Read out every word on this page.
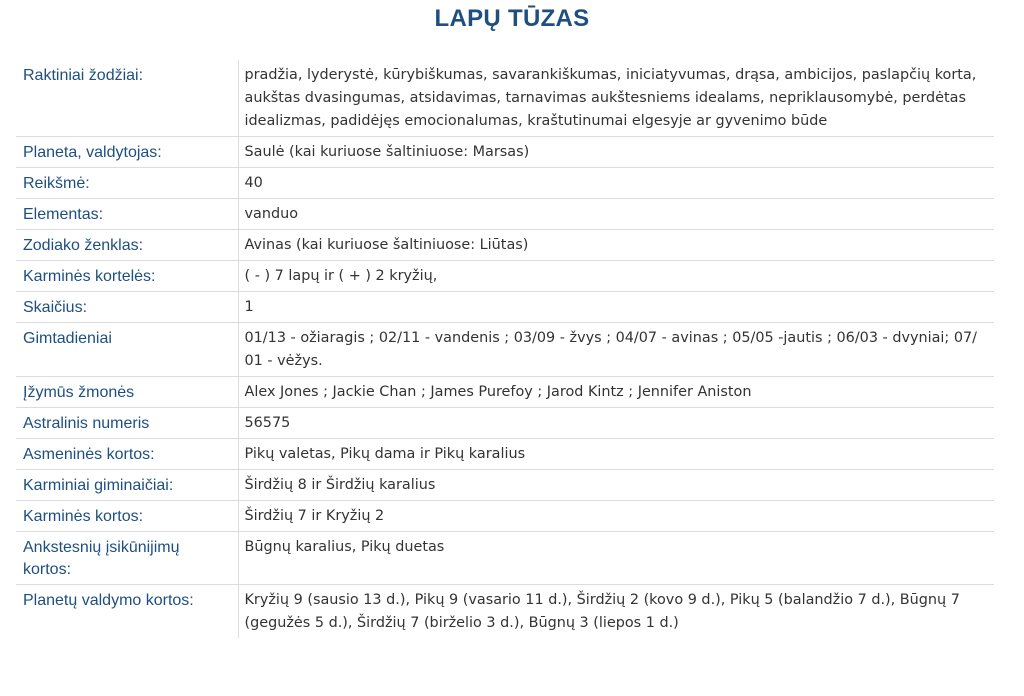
LAPŲ TŪZAS
Raktiniai žodžiai:	pradžia, lyderystė, kūrybiškumas, savarankiškumas, iniciatyvumas, drąsa, ambicijos, paslapčių korta, aukštas dvasingumas, atsidavimas, tarnavimas aukštesniems idealams, nepriklausomybė, perdėtas idealizmas, padidėjęs emocionalumas, kraštutinumai elgesyje ar gyvenimo būde
Planeta, valdytojas:	Saulė (kai kuriuose šaltiniuose: Marsas)
Reikšmė:	40
Elementas:	vanduo
Zodiako ženklas:	Avinas (kai kuriuose šaltiniuose: Liūtas)
Karminės kortelės:	( - ) 7 lapų ir ( + ) 2 kryžių,
Skaičius:	1
Gimtadieniai	01/13 - ožiaragis ; 02/11 - vandenis ; 03/09 - žvys ; 04/07 - avinas ; 05/05 -jautis ; 06/03 - dvyniai; 07/ 01 - vėžys.
Įžymūs žmonės	Alex Jones ; Jackie Chan ; James Purefoy ; Jarod Kintz ; Jennifer Aniston
Astralinis numeris	56575
Asmeninės kortos:	Pikų valetas, Pikų dama ir Pikų karalius
Karminiai giminaičiai:	Širdžių 8 ir Širdžių karalius
Karminės kortos:	Širdžių 7 ir Kryžių 2
Ankstesnių įsikūnijimų kortos:	Būgnų karalius, Pikų duetas
Planetų valdymo kortos:	Kryžių 9 (sausio 13 d.), Pikų 9 (vasario 11 d.), Širdžių 2 (kovo 9 d.), Pikų 5 (balandžio 7 d.), Būgnų 7 (gegužės 5 d.), Širdžių 7 (birželio 3 d.), Būgnų 3 (liepos 1 d.)
